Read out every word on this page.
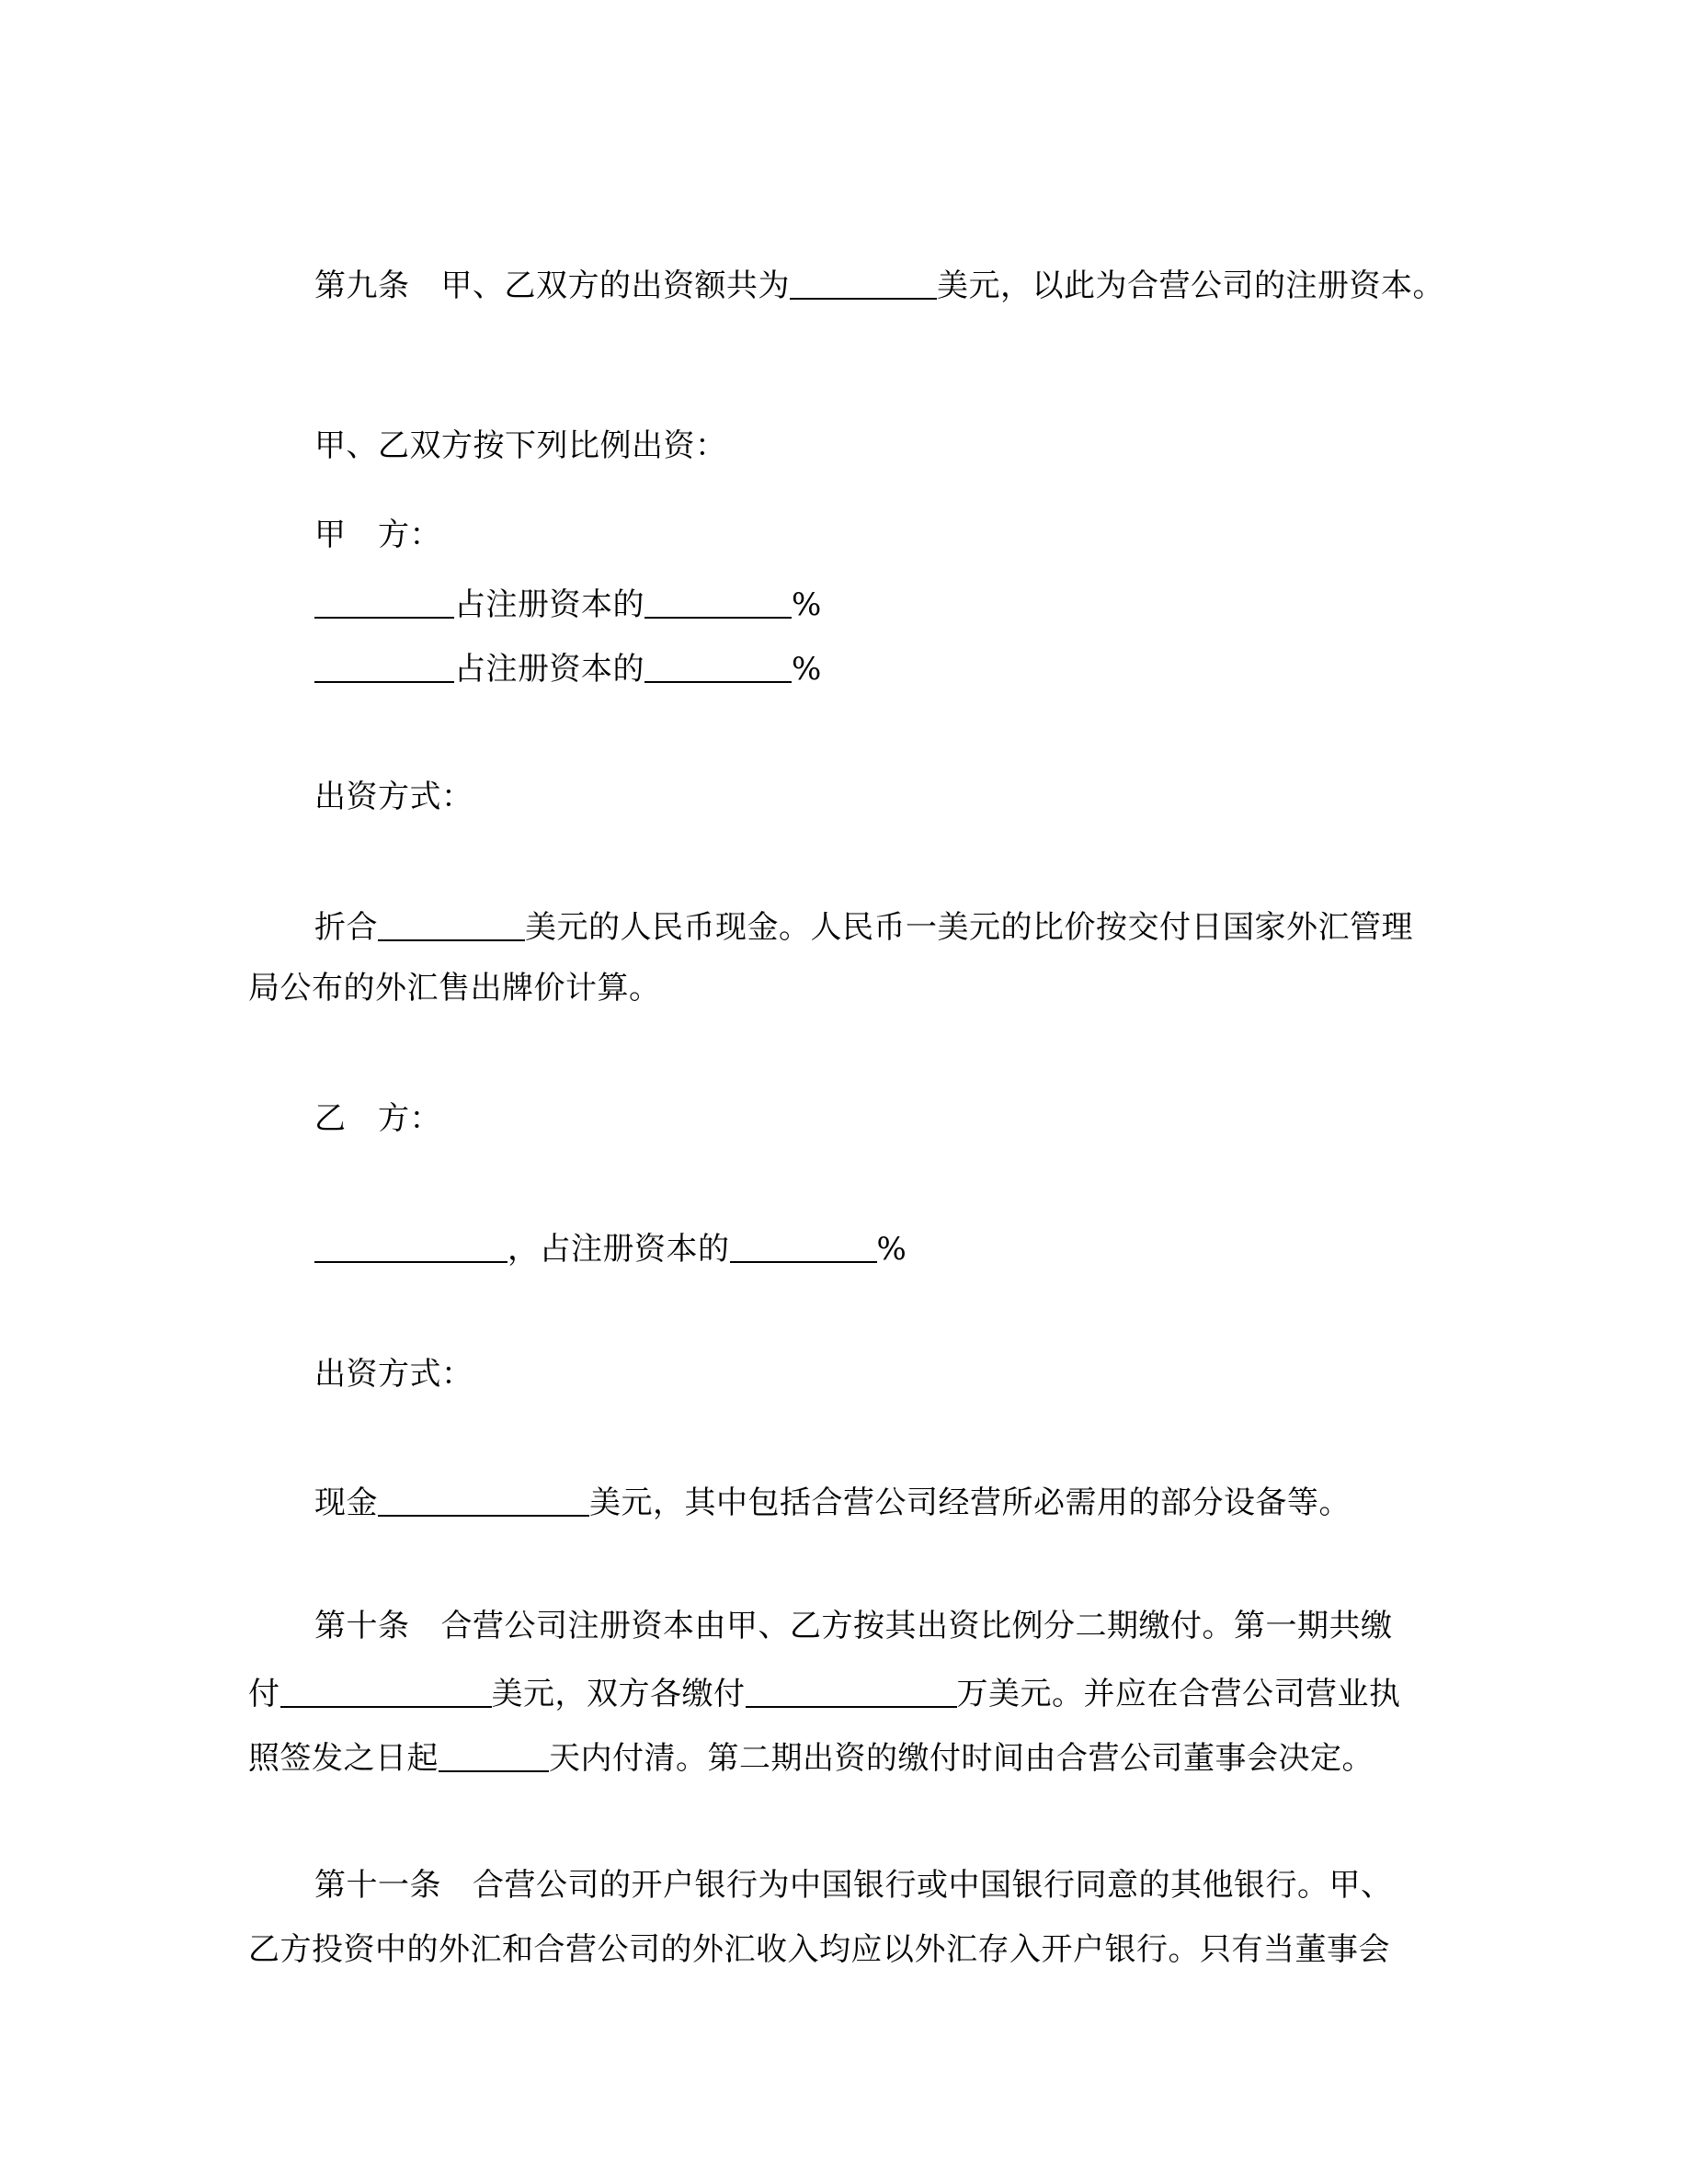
第九条 甲、乙双方的出资额共为	美元，以此为合营公司的注册资本。
甲、乙双方按下列比例出资：
甲　方：
占注册资本的	%
占注册资本的	%
出资方式：
折合	美元的人民币现金。人民币一美元的比价按交付日国家外汇管理
局公布的外汇售出牌价计算。
乙　方：
，占注册资本的	%
出资方式：
现金	美元，其中包括合营公司经营所必需用的部分设备等。
第十条 合营公司注册资本由甲、乙方按其出资比例分二期缴付。第一期共缴
付	美元，双方各缴付	万美元。并应在合营公司营业执
照签发之日起	天内付清。第二期出资的缴付时间由合营公司董事会决定。
第十一条 合营公司的开户银行为中国银行或中国银行同意的其他银行。甲、
乙方投资中的外汇和合营公司的外汇收入均应以外汇存入开户银行。只有当董事会
